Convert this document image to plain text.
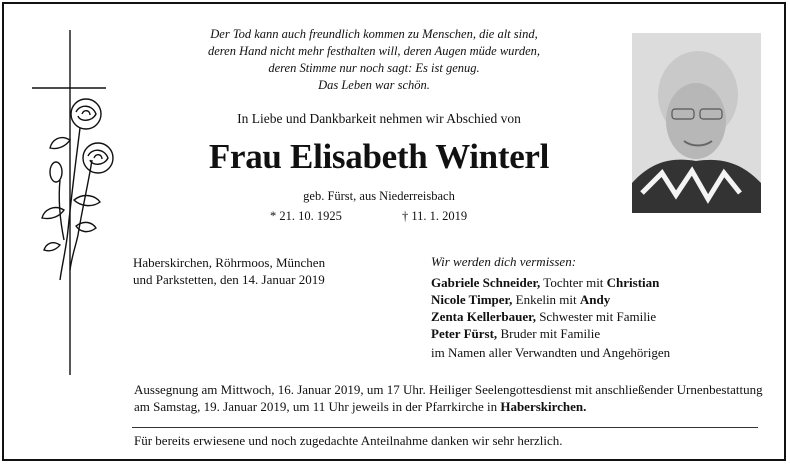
Der Tod kann auch freundlich kommen zu Menschen, die alt sind,
deren Hand nicht mehr festhalten will, deren Augen müde wurden,
deren Stimme nur noch sagt: Es ist genug.
Das Leben war schön.
In Liebe und Dankbarkeit nehmen wir Abschied von
Frau Elisabeth Winterl
geb. Fürst, aus Niederreisbach
* 21. 10. 1925	† 11. 1. 2019
Haberskirchen, Röhrmoos, München
und Parkstetten, den 14. Januar 2019
Wir werden dich vermissen:
Gabriele Schneider, Tochter mit Christian
Nicole Timper, Enkelin mit Andy
Zenta Kellerbauer, Schwester mit Familie
Peter Fürst, Bruder mit Familie
im Namen aller Verwandten und Angehörigen
Aussegnung am Mittwoch, 16. Januar 2019, um 17 Uhr. Heiliger Seelengottesdienst mit anschließender Urnenbestattung am Samstag, 19. Januar 2019, um 11 Uhr jeweils in der Pfarrkirche in Haberskirchen.
Für bereits erwiesene und noch zugedachte Anteilnahme danken wir sehr herzlich.
